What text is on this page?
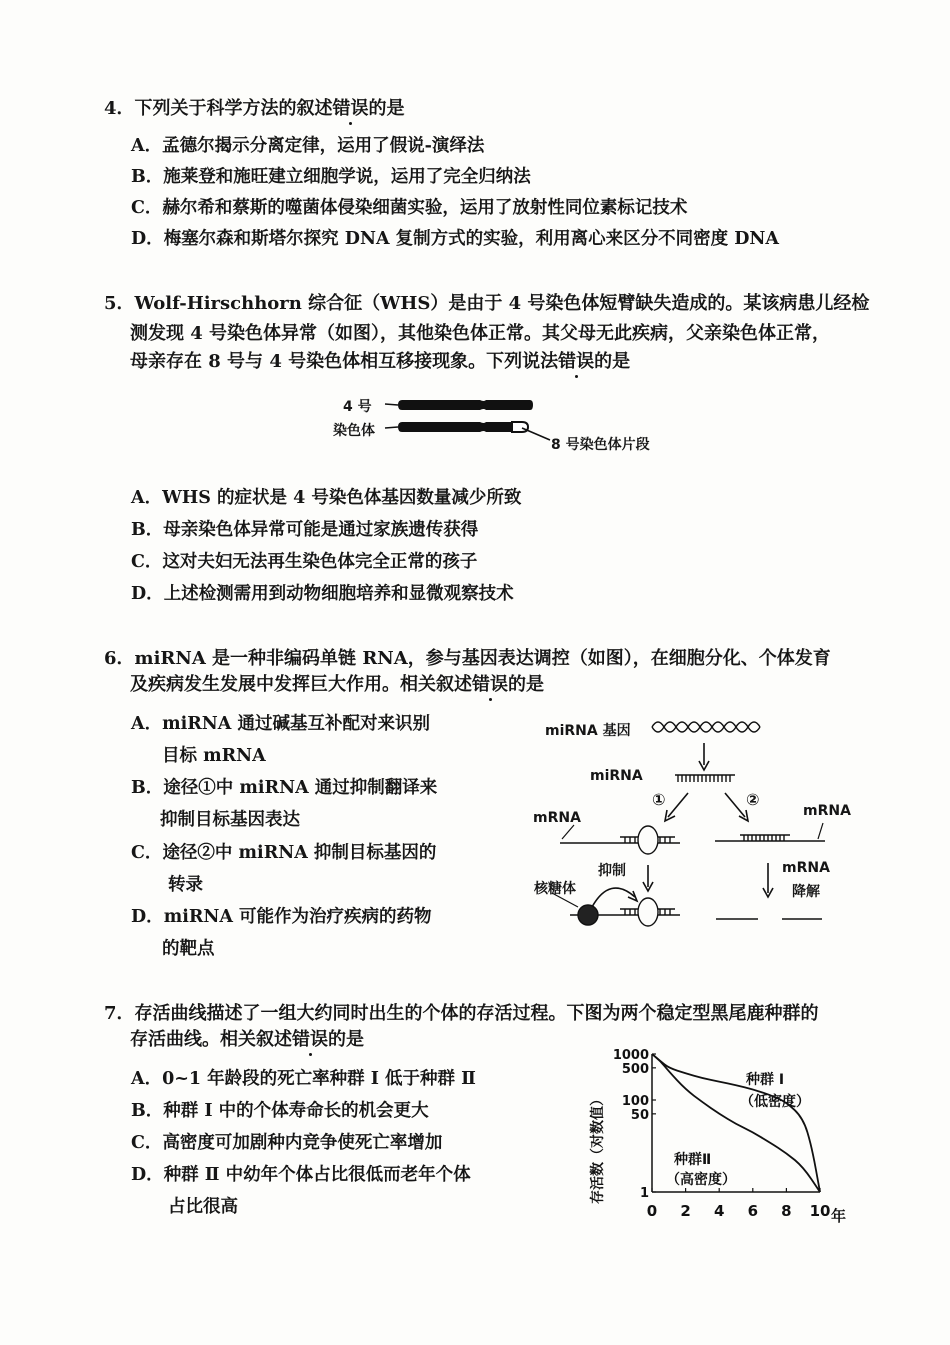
4．下列关于科学方法的叙述错误的是
A．孟德尔揭示分离定律，运用了假说-演绎法
B．施莱登和施旺建立细胞学说，运用了完全归纳法
C．赫尔希和蔡斯的噬菌体侵染细菌实验，运用了放射性同位素标记技术
D．梅塞尔森和斯塔尔探究 DNA 复制方式的实验，利用离心来区分不同密度 DNA
5．Wolf-Hirschhorn 综合征（WHS）是由于 4 号染色体短臂缺失造成的。某该病患儿经检
测发现 4 号染色体异常（如图），其他染色体正常。其父母无此疾病，父亲染色体正常，
母亲存在 8 号与 4 号染色体相互移接现象。下列说法错误的是
4 号
染色体
8 号染色体片段
A．WHS 的症状是 4 号染色体基因数量减少所致
B．母亲染色体异常可能是通过家族遗传获得
C．这对夫妇无法再生染色体完全正常的孩子
D．上述检测需用到动物细胞培养和显微观察技术
6．miRNA 是一种非编码单链 RNA，参与基因表达调控（如图），在细胞分化、个体发育
及疾病发生发展中发挥巨大作用。相关叙述错误的是
A．miRNA 通过碱基互补配对来识别
目标 mRNA
B．途径①中 miRNA 通过抑制翻译来
抑制目标基因表达
C．途径②中 miRNA 抑制目标基因的
转录
D．miRNA 可能作为治疗疾病的药物
的靶点
miRNA 基因
miRNA
①	②
mRNA	mRNA
抑制
核糖体
mRNA
降解
7．存活曲线描述了一组大约同时出生的个体的存活过程。下图为两个稳定型黑尾鹿种群的
存活曲线。相关叙述错误的是
A．0~1 年龄段的死亡率种群 Ⅰ 低于种群 Ⅱ
B．种群 Ⅰ 中的个体寿命长的机会更大
C．高密度可加剧种内竞争使死亡率增加
D．种群 Ⅱ 中幼年个体占比很低而老年个体
占比很高
存活数（对数值）
0 2 4 6 8 10
1
50
100
500
1000
年
种群 Ⅰ
（低密度）
种群Ⅱ
（高密度）
